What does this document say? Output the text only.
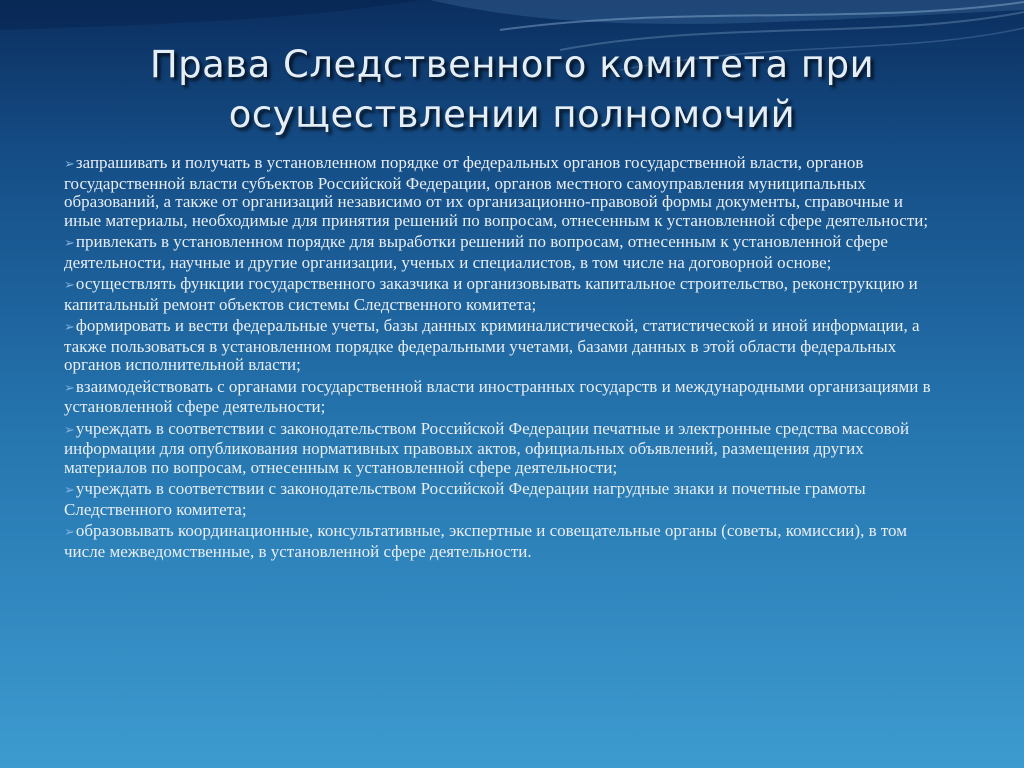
Права Следственного комитета при
осуществлении полномочий
➢запрашивать и получать в установленном порядке от федеральных органов государственной власти, органов государственной власти субъектов Российской Федерации, органов местного самоуправления муниципальных образований, а также от организаций независимо от их организационно-правовой формы документы, справочные и иные материалы, необходимые для принятия решений по вопросам, отнесенным к установленной сфере деятельности;
➢привлекать в установленном порядке для выработки решений по вопросам, отнесенным к установленной сфере деятельности, научные и другие организации, ученых и специалистов, в том числе на договорной основе;
➢осуществлять функции государственного заказчика и организовывать капитальное строительство, реконструкцию и капитальный ремонт объектов системы Следственного комитета;
➢формировать и вести федеральные учеты, базы данных криминалистической, статистической и иной информации, а также пользоваться в установленном порядке федеральными учетами, базами данных в этой области федеральных органов исполнительной власти;
➢взаимодействовать с органами государственной власти иностранных государств и международными организациями в установленной сфере деятельности;
➢учреждать в соответствии с законодательством Российской Федерации печатные и электронные средства массовой информации для опубликования нормативных правовых актов, официальных объявлений, размещения других материалов по вопросам, отнесенным к установленной сфере деятельности;
➢учреждать в соответствии с законодательством Российской Федерации нагрудные знаки и почетные грамоты Следственного комитета;
➢образовывать координационные, консультативные, экспертные и совещательные органы (советы, комиссии), в том числе межведомственные, в установленной сфере деятельности.
